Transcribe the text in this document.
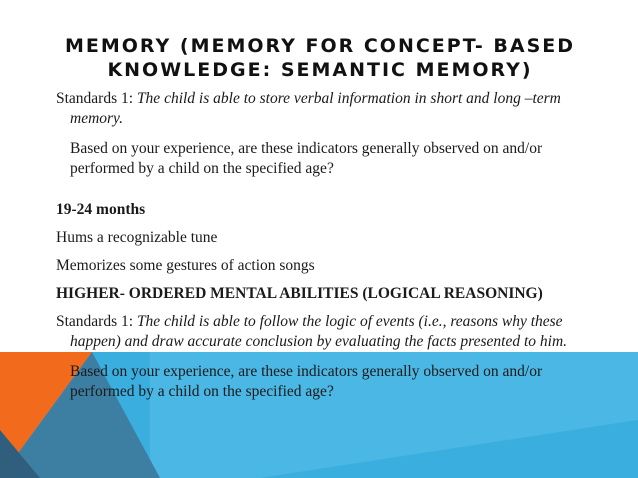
MEMORY (MEMORY FOR CONCEPT- BASED
KNOWLEDGE: SEMANTIC MEMORY)
Standards 1: The child is able to store verbal information in short and long –term memory.
Based on your experience, are these indicators generally observed on and/or performed by a child on the specified age?
19-24 months
Hums a recognizable tune
Memorizes some gestures of action songs
HIGHER- ORDERED MENTAL ABILITIES (LOGICAL REASONING)
Standards 1: The child is able to follow the logic of events (i.e., reasons why these happen) and draw accurate conclusion by evaluating the facts presented to him.
Based on your experience, are these indicators generally observed on and/or performed by a child on the specified age?
